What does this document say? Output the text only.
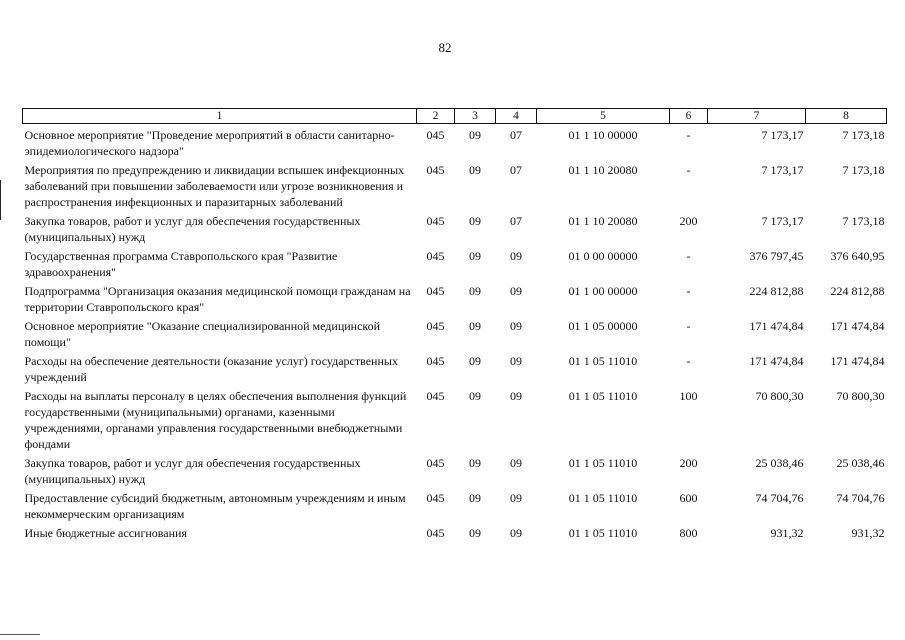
82
1	2	3	4	5	6	7	8
Основное мероприятие "Проведение мероприятий в области санитарно-эпидемиологического надзора"	045	09	07	01 1 10 00000	-	7 173,17	7 173,18
Мероприятия по предупреждению и ликвидации вспышек инфекционных заболеваний при повышении заболеваемости или угрозе возникновения и распространения инфекционных и паразитарных заболеваний	045	09	07	01 1 10 20080	-	7 173,17	7 173,18
Закупка товаров, работ и услуг для обеспечения государственных (муниципальных) нужд	045	09	07	01 1 10 20080	200	7 173,17	7 173,18
Государственная программа Ставропольского края "Развитие здравоохранения"	045	09	09	01 0 00 00000	-	376 797,45	376 640,95
Подпрограмма "Организация оказания медицинской помощи гражданам на территории Ставропольского края"	045	09	09	01 1 00 00000	-	224 812,88	224 812,88
Основное мероприятие "Оказание специализированной медицинской помощи"	045	09	09	01 1 05 00000	-	171 474,84	171 474,84
Расходы на обеспечение деятельности (оказание услуг) государственных учреждений	045	09	09	01 1 05 11010	-	171 474,84	171 474,84
Расходы на выплаты персоналу в целях обеспечения выполнения функций государственными (муниципальными) органами, казенными учреждениями, органами управления государственными внебюджетными фондами	045	09	09	01 1 05 11010	100	70 800,30	70 800,30
Закупка товаров, работ и услуг для обеспечения государственных (муниципальных) нужд	045	09	09	01 1 05 11010	200	25 038,46	25 038,46
Предоставление субсидий бюджетным, автономным учреждениям и иным некоммерческим организациям	045	09	09	01 1 05 11010	600	74 704,76	74 704,76
Иные бюджетные ассигнования	045	09	09	01 1 05 11010	800	931,32	931,32
